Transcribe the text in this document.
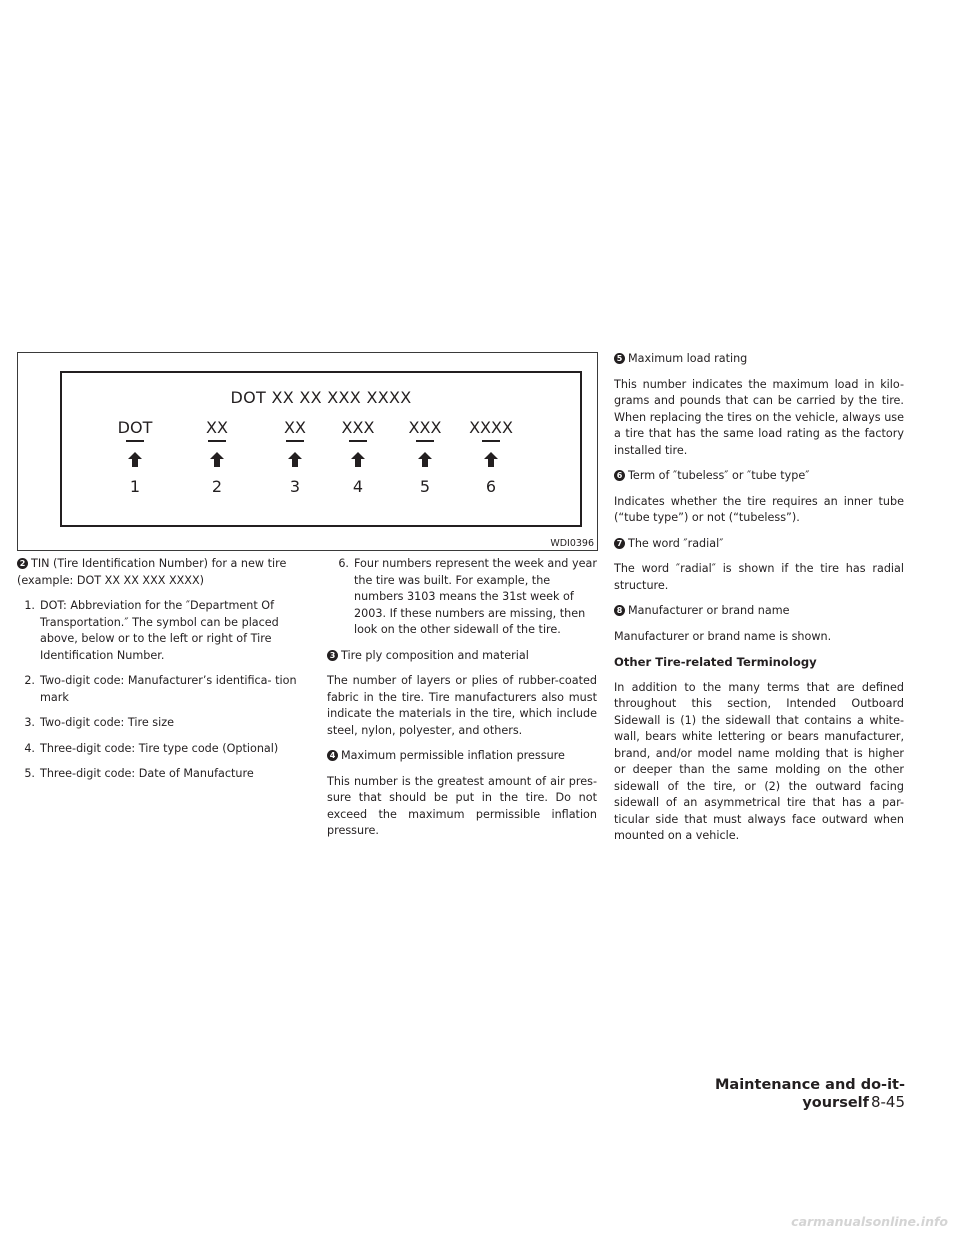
DOT XX XX XXX XXXX
DOT
1
XX
2
XX
3
XXX
4
XXX
5
XXXX
6
WDI0396

2 TIN (Tire Identification Number) for a new tire (example: DOT XX XX XXX XXXX)

1. DOT: Abbreviation for the ″Department Of Transportation.″ The symbol can be placed above, below or to the left or right of Tire Identification Number.
2. Two-digit code: Manufacturer’s identifica- tion mark
3. Two-digit code: Tire size
4. Three-digit code: Tire type code (Optional)
5. Three-digit code: Date of Manufacture
6. Four numbers represent the week and year the tire was built. For example, the numbers 3103 means the 31st week of 2003. If these numbers are missing, then look on the other sidewall of the tire.

3 Tire ply composition and material

The number of layers or plies of rubber-coated fabric in the tire. Tire manufacturers also must indicate the materials in the tire, which include steel, nylon, polyester, and others.

4 Maximum permissible inflation pressure

This number is the greatest amount of air pres- sure that should be put in the tire. Do not exceed the maximum permissible inflation pressure.

5 Maximum load rating

This number indicates the maximum load in kilo- grams and pounds that can be carried by the tire. When replacing the tires on the vehicle, always use a tire that has the same load rating as the factory installed tire.

6 Term of ″tubeless″ or ″tube type″

Indicates whether the tire requires an inner tube (“tube type”) or not (“tubeless”).

7 The word ″radial″

The word ″radial″ is shown if the tire has radial structure.

8 Manufacturer or brand name

Manufacturer or brand name is shown.

Other Tire-related Terminology

In addition to the many terms that are defined throughout this section, Intended Outboard Sidewall is (1) the sidewall that contains a white- wall, bears white lettering or bears manufacturer, brand, and/or model name molding that is higher or deeper than the same molding on the other sidewall of the tire, or (2) the outward facing sidewall of an asymmetrical tire that has a par- ticular side that must always face outward when mounted on a vehicle.

Maintenance and do-it-yourself 8-45
carmanualsonline.info
